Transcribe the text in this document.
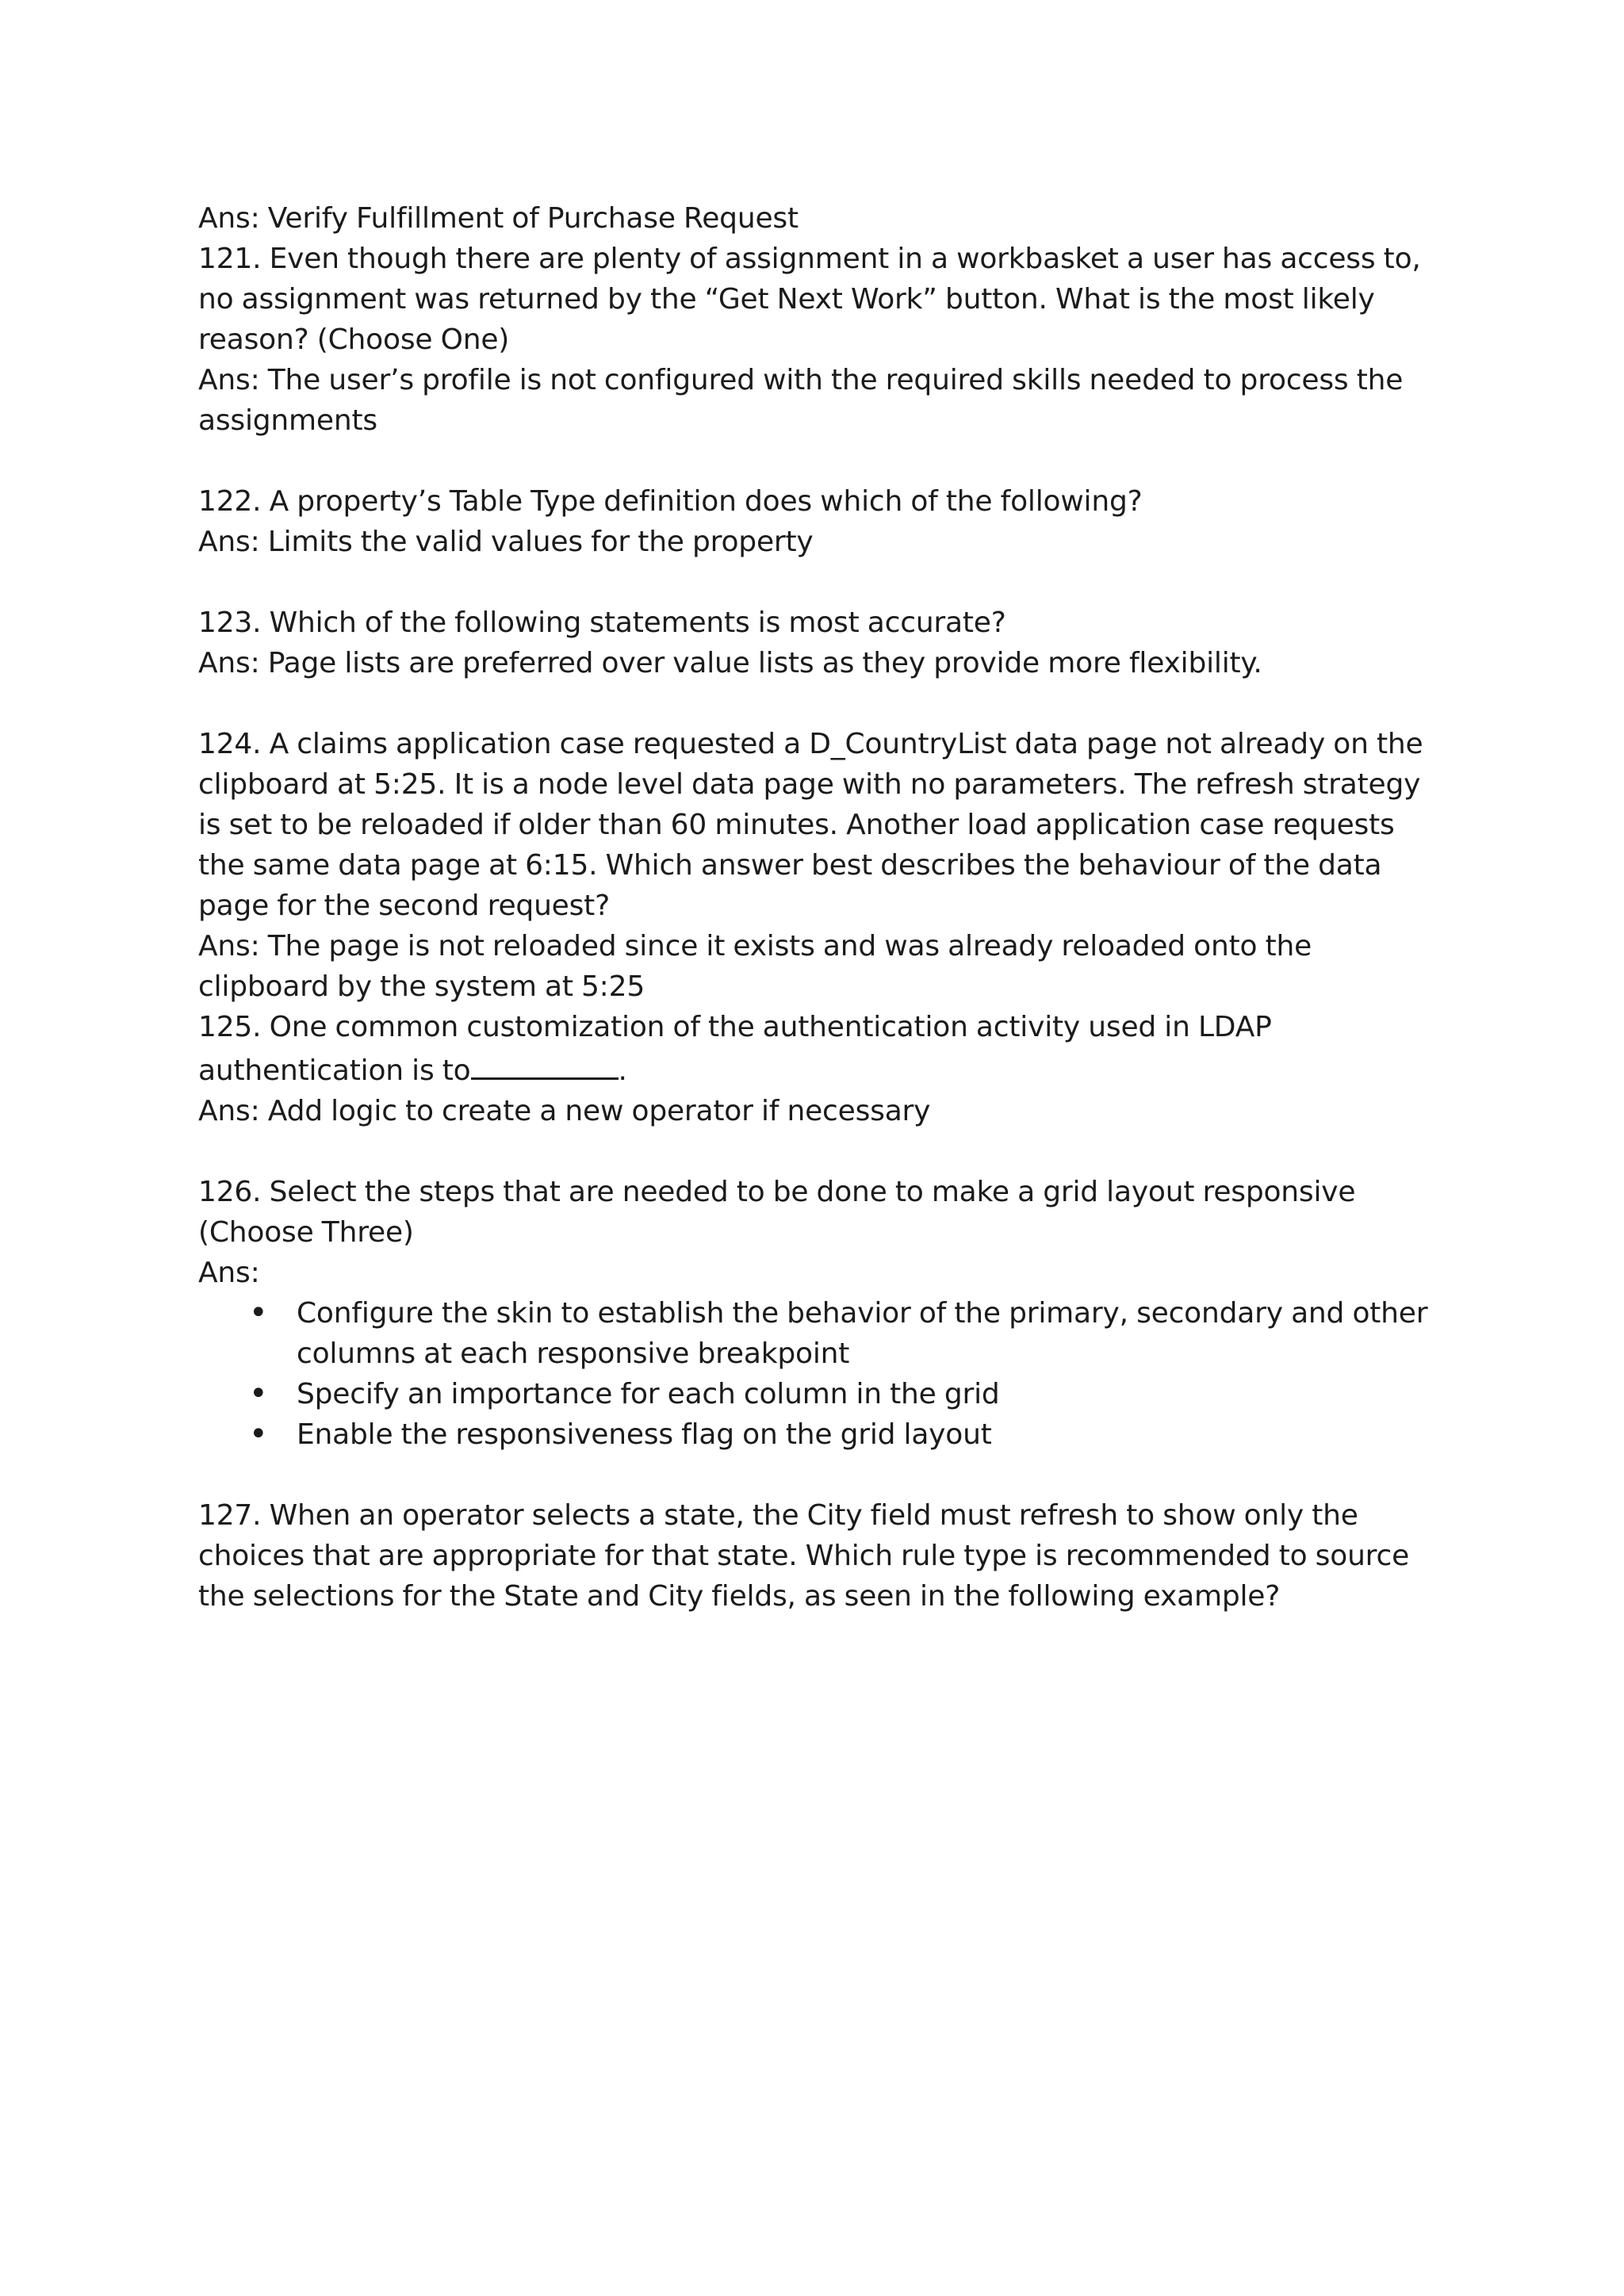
Ans: Verify Fulfillment of Purchase Request

121. Even though there are plenty of assignment in a workbasket a user has access to, no assignment was returned by the “Get Next Work” button. What is the most likely reason? (Choose One)

Ans: The user’s profile is not configured with the required skills needed to process the assignments

122. A property’s Table Type definition does which of the following?

Ans: Limits the valid values for the property

123. Which of the following statements is most accurate?

Ans: Page lists are preferred over value lists as they provide more flexibility.

124. A claims application case requested a D_CountryList data page not already on the clipboard at 5:25. It is a node level data page with no parameters. The refresh strategy is set to be reloaded if older than 60 minutes. Another load application case requests the same data page at 6:15. Which answer best describes the behaviour of the data page for the second request?

Ans: The page is not reloaded since it exists and was already reloaded onto the clipboard by the system at 5:25

125. One common customization of the authentication activity used in LDAP authentication is to	.

Ans: Add logic to create a new operator if necessary

126. Select the steps that are needed to be done to make a grid layout responsive (Choose Three)

Ans:

• Configure the skin to establish the behavior of the primary, secondary and other columns at each responsive breakpoint
• Specify an importance for each column in the grid
• Enable the responsiveness flag on the grid layout

127. When an operator selects a state, the City field must refresh to show only the choices that are appropriate for that state. Which rule type is recommended to source the selections for the State and City fields, as seen in the following example?
